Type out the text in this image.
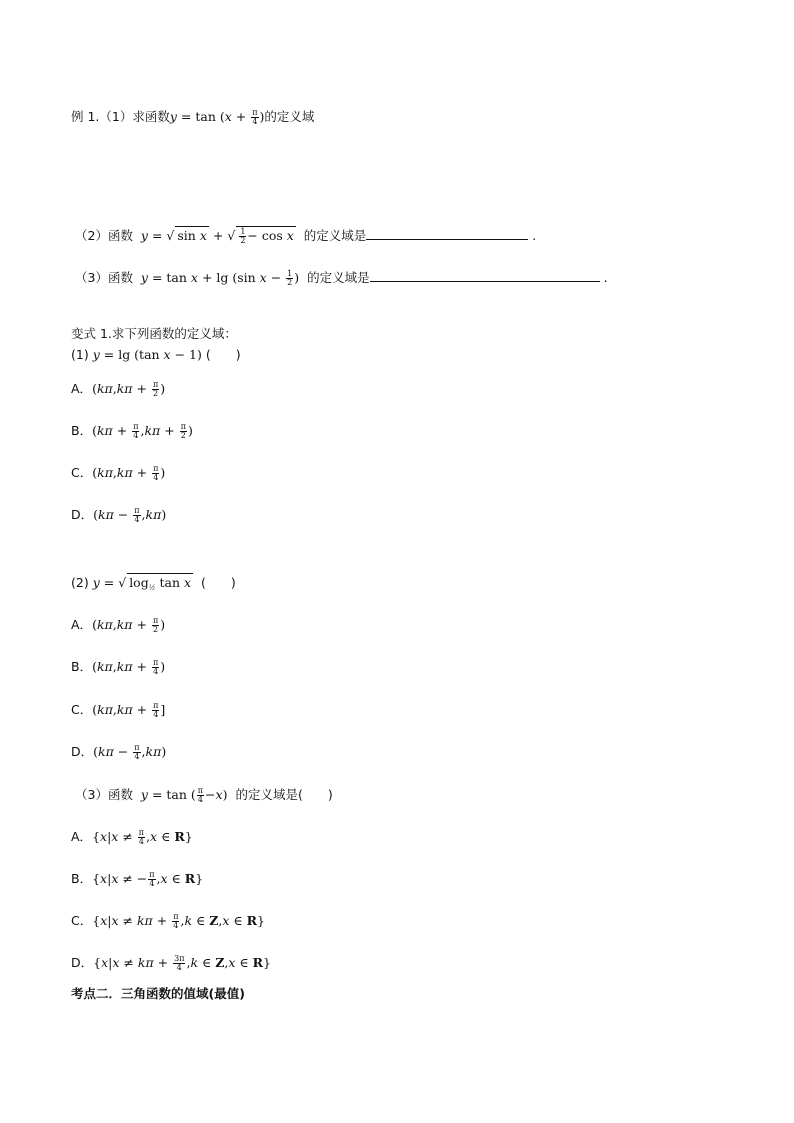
例 1.（1）求函数$y = \tan (x + \frac{\pi}{4}$ )的定义域
（2）函数 y = √ sin x + √ $\frac{1}{2} - \cos x$ 的定义域是	.
（3）函数 y = tan x + lg (sin $x - \frac{1}{2}$ ) 的定义域是	.
变式 1.求下列函数的定义域：
(1) y = lg (tan x − 1) (　　)
A．($k\pi,k\pi + \frac{\pi}{2}$ )
B．($k\pi + \frac{\pi}{4} ,k\pi + \frac{\pi}{2}$ )
C．($k\pi,k\pi + \frac{\pi}{4}$ )
D．$(k\pi - \frac{\pi}{4} ,k\pi)$
(2) y = √ $\log_{\frac{1}{2}} \tan x$ (　　)
A．($k\pi,k\pi + \frac{\pi}{2}$ )
B．($k\pi,k\pi + \frac{\pi}{4}$ )
C．($k\pi,k\pi + \frac{\pi}{4}$ ]
D．$(k\pi - \frac{\pi}{4} ,k\pi)$
（3）函数 y = tan ( $\frac{\pi}{4} -x$) 的定义域是(　　)
A．{$x|x \ne \frac{\pi}{4} ,x$ ∈ R}
B．{x|x ≠ − $\frac{\pi}{4} ,x$ ∈ R}
C．{$x|x \ne k\pi + \frac{\pi}{4} ,k$ ∈ Z,x ∈ R}
D．{$x|x \ne k\pi + \frac{3\pi}{4} ,k$ ∈ Z,x ∈ R}
考点二．三角函数的值域(最值)
